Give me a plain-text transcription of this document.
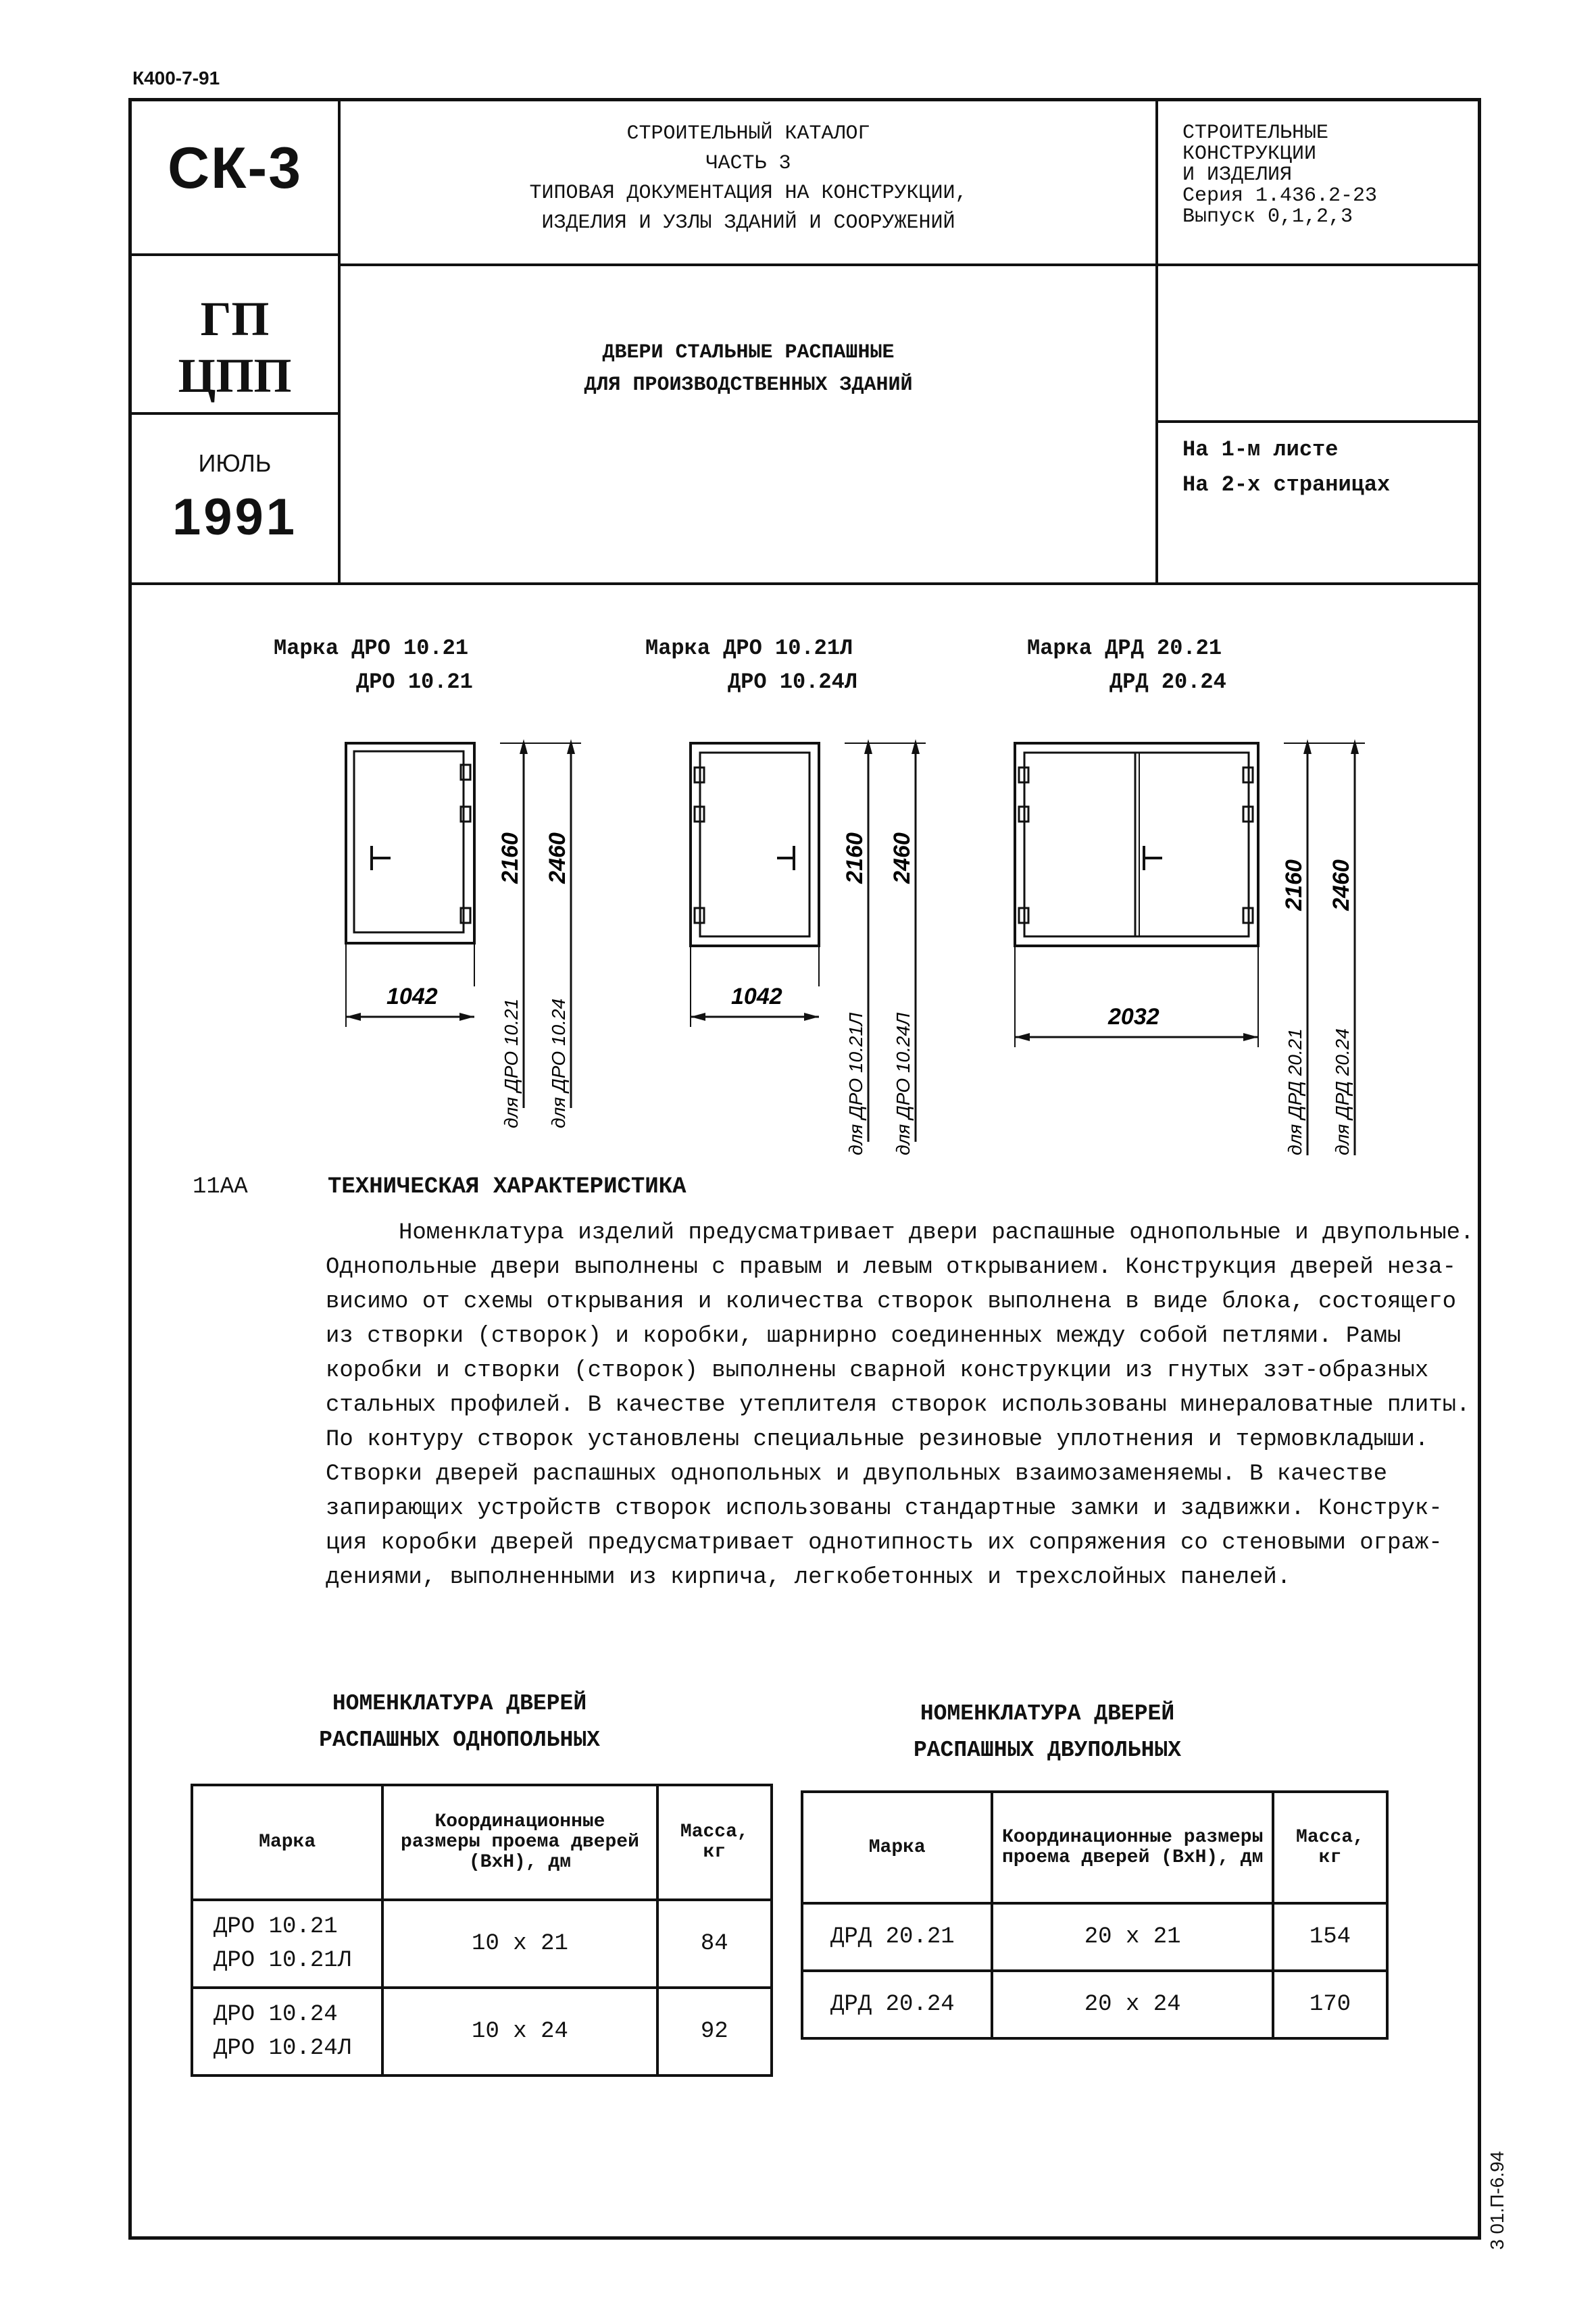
К400-7-91
СК-3
ГП
ЦПП
ИЮЛЬ
1991
СТРОИТЕЛЬНЫЙ КАТАЛОГ
ЧАСТЬ 3
ТИПОВАЯ ДОКУМЕНТАЦИЯ НА КОНСТРУКЦИИ,
ИЗДЕЛИЯ И УЗЛЫ ЗДАНИЙ И СООРУЖЕНИЙ
ДВЕРИ СТАЛЬНЫЕ РАСПАШНЫЕ
ДЛЯ ПРОИЗВОДСТВЕННЫХ ЗДАНИЙ
СТРОИТЕЛЬНЫЕ
КОНСТРУКЦИИ
И ИЗДЕЛИЯ
Серия 1.436.2-23
Выпуск 0,1,2,3
На 1-м листе
На 2-х страницах
Марка ДРО 10.21
ДРО 10.21
Марка ДРО 10.21Л
ДРО 10.24Л
Марка ДРД 20.21
ДРД 20.24
1042
2160 2460
для ДРО 10.21 для ДРО 10.24
1042
2160 2460
для ДРО 10.21Л для ДРО 10.24Л	2032
2160 2460
для ДРД 20.21 для ДРД 20.24
11АА	ТЕХНИЧЕСКАЯ ХАРАКТЕРИСТИКА
Номенклатура изделий предусматривает двери распашные однопольные и двупольные.
Однопольные двери выполнены с правым и левым открыванием. Конструкция дверей неза-
висимо от схемы открывания и количества створок выполнена в виде блока, состоящего
из створки (створок) и коробки, шарнирно соединенных между собой петлями. Рамы
коробки и створки (створок) выполнены сварной конструкции из гнутых зэт-образных
стальных профилей. В качестве утеплителя створок использованы минераловатные плиты.
По контуру створок установлены специальные резиновые уплотнения и термовкладыши.
Створки дверей распашных однопольных и двупольных взаимозаменяемы. В качестве
запирающих устройств створок использованы стандартные замки и задвижки. Конструк-
ция коробки дверей предусматривает однотипность их сопряжения со стеновыми ограж-
дениями, выполненными из кирпича, легкобетонных и трехслойных панелей.
НОМЕНКЛАТУРА ДВЕРЕЙ
РАСПАШНЫХ ОДНОПОЛЬНЫХ
НОМЕНКЛАТУРА ДВЕРЕЙ
РАСПАШНЫХ ДВУПОЛЬНЫХ
Марка	Координационные размеры проема дверей (ВхН), дм	Масса, кг

ДРО 10.21
ДРО 10.21Л	10 х 21	84

ДРО 10.24
ДРО 10.24Л	10 х 24	92
Марка	Координационные размеры проема дверей (ВхН), дм	Масса, кг
ДРД 20.21	20 х 21	154
ДРД 20.24	20 х 24	170
3 01.П-6.94
